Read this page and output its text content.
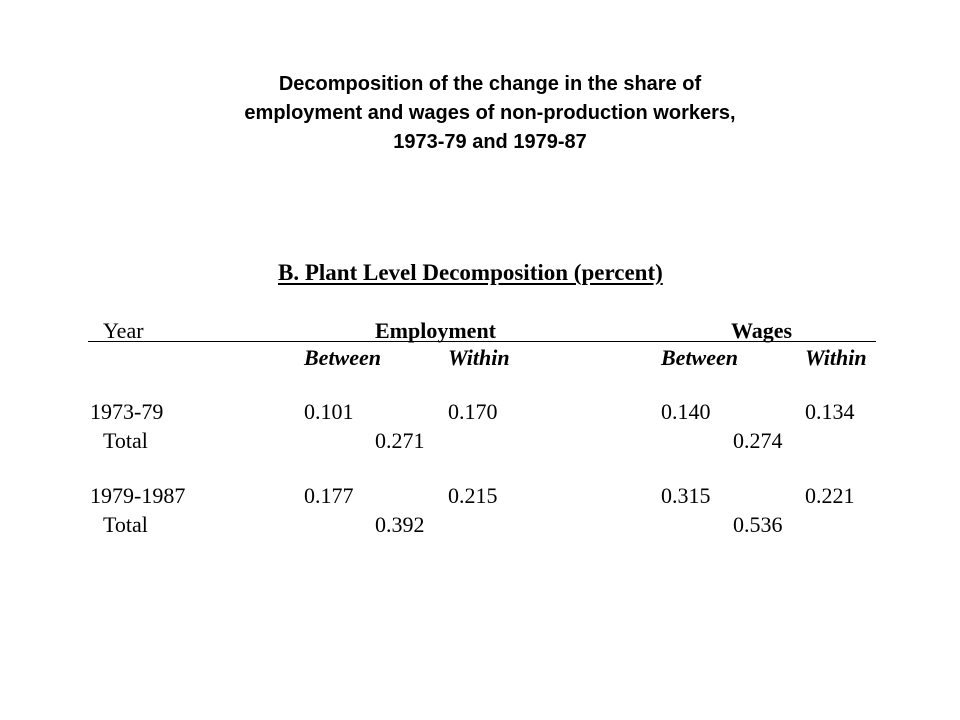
Decomposition of the change in the share of
employment and wages of non-production workers,
1973-79 and 1979-87
B. Plant Level Decomposition (percent)
Year	Employment	Wages
Between	Within	Between	Within
1973-79	0.101	0.170	0.140	0.134
Total	0.271	0.274
1979-1987	0.177	0.215	0.315	0.221
Total	0.392	0.536
